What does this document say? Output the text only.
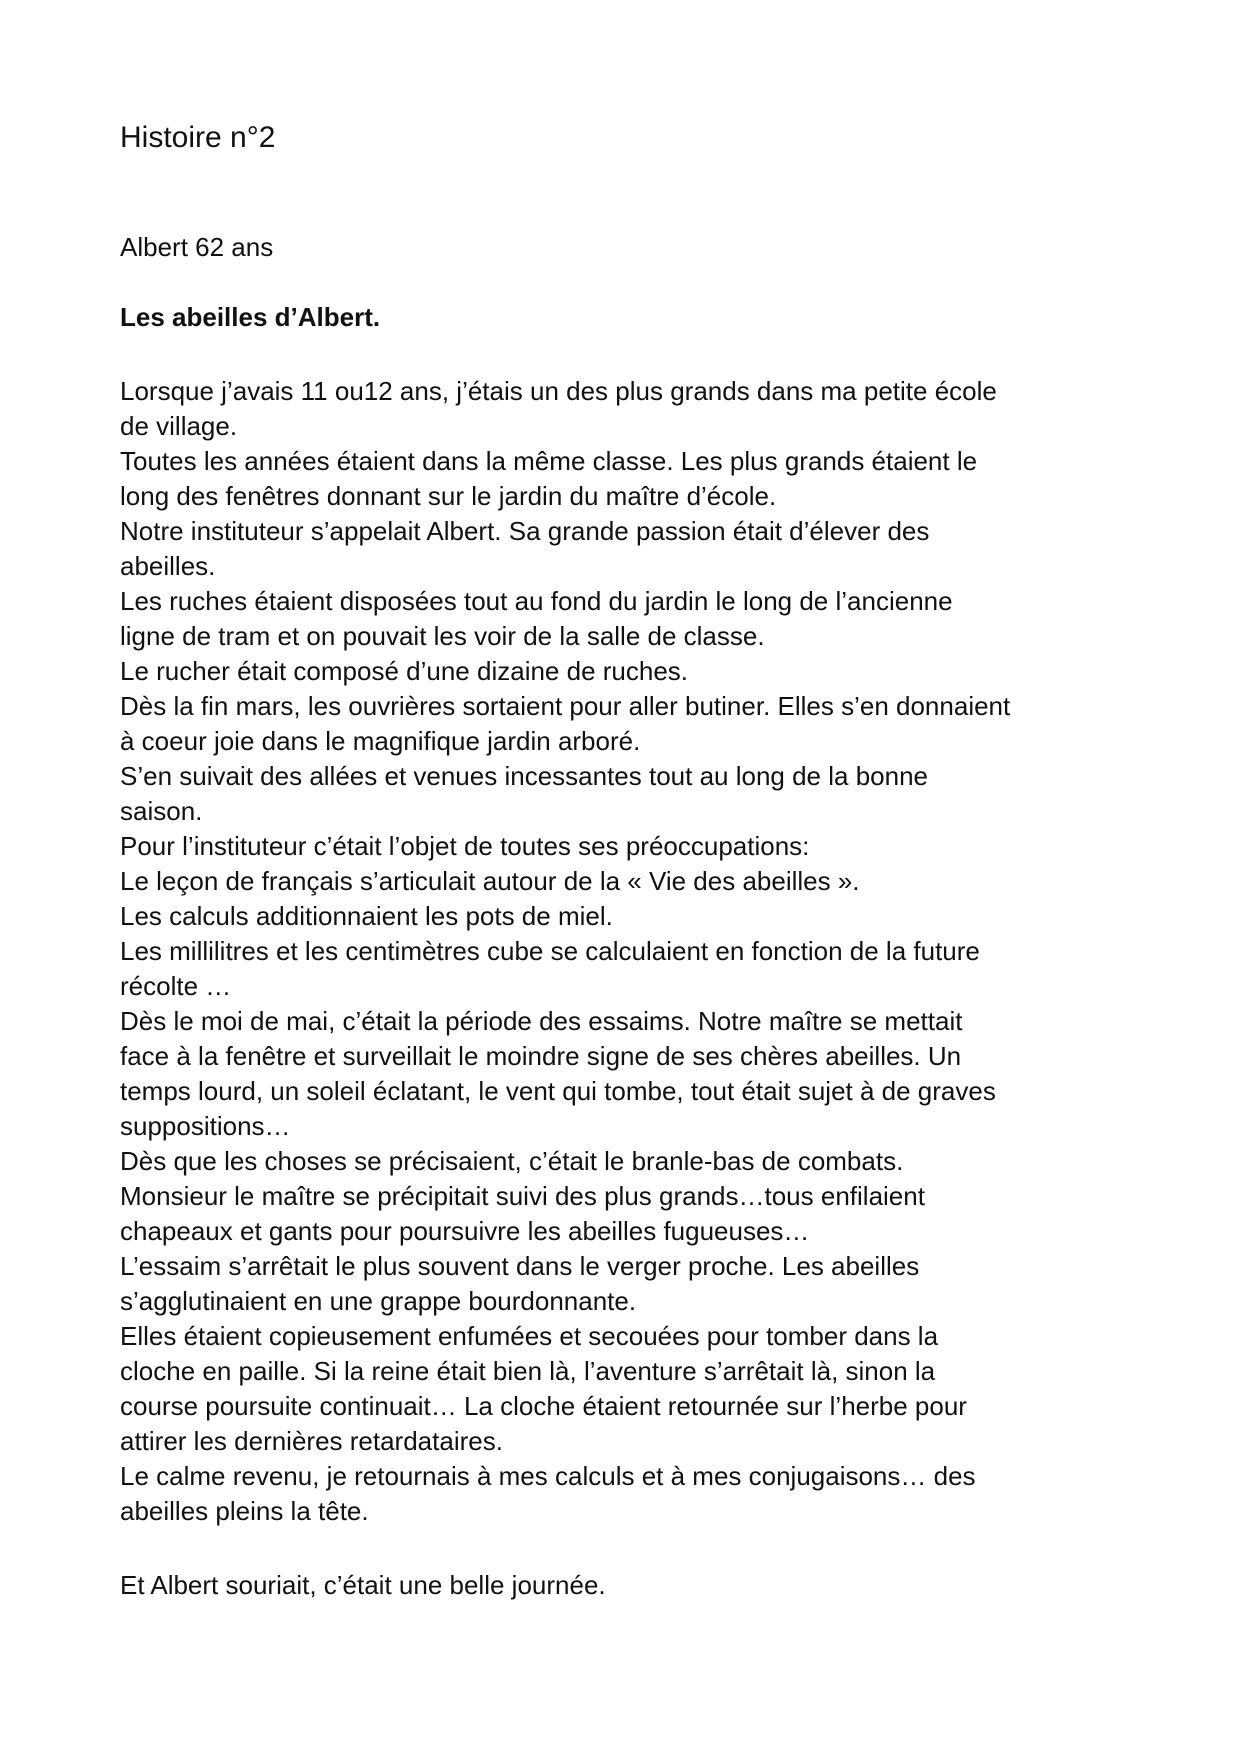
Histoire n°2

Albert 62 ans

Les abeilles d’Albert.

Lorsque j’avais 11 ou12 ans, j’étais un des plus grands dans ma petite école
de village.
Toutes les années étaient dans la même classe. Les plus grands étaient le
long des fenêtres donnant sur le jardin du maître d’école.
Notre instituteur s’appelait Albert. Sa grande passion était d’élever des
abeilles.
Les ruches étaient disposées tout au fond du jardin le long de l’ancienne
ligne de tram et on pouvait les voir de la salle de classe.
Le rucher était composé d’une dizaine de ruches.
Dès la fin mars, les ouvrières sortaient pour aller butiner. Elles s’en donnaient
à coeur joie dans le magnifique jardin arboré.
S’en suivait des allées et venues incessantes tout au long de la bonne
saison.
Pour l’instituteur c’était l’objet de toutes ses préoccupations:
Le leçon de français s’articulait autour de la « Vie des abeilles ».
Les calculs additionnaient les pots de miel.
Les millilitres et les centimètres cube se calculaient en fonction de la future
récolte …
Dès le moi de mai, c’était la période des essaims. Notre maître se mettait
face à la fenêtre et surveillait le moindre signe de ses chères abeilles. Un
temps lourd, un soleil éclatant, le vent qui tombe, tout était sujet à de graves
suppositions…
Dès que les choses se précisaient, c’était le branle-bas de combats.
Monsieur le maître se précipitait suivi des plus grands…tous enfilaient
chapeaux et gants pour poursuivre les abeilles fugueuses…
L’essaim s’arrêtait le plus souvent dans le verger proche. Les abeilles
s’agglutinaient en une grappe bourdonnante.
Elles étaient copieusement enfumées et secouées pour tomber dans la
cloche en paille. Si la reine était bien là, l’aventure s’arrêtait là, sinon la
course poursuite continuait… La cloche étaient retournée sur l’herbe pour
attirer les dernières retardataires.
Le calme revenu, je retournais à mes calculs et à mes conjugaisons… des
abeilles pleins la tête.

Et Albert souriait, c’était une belle journée.
